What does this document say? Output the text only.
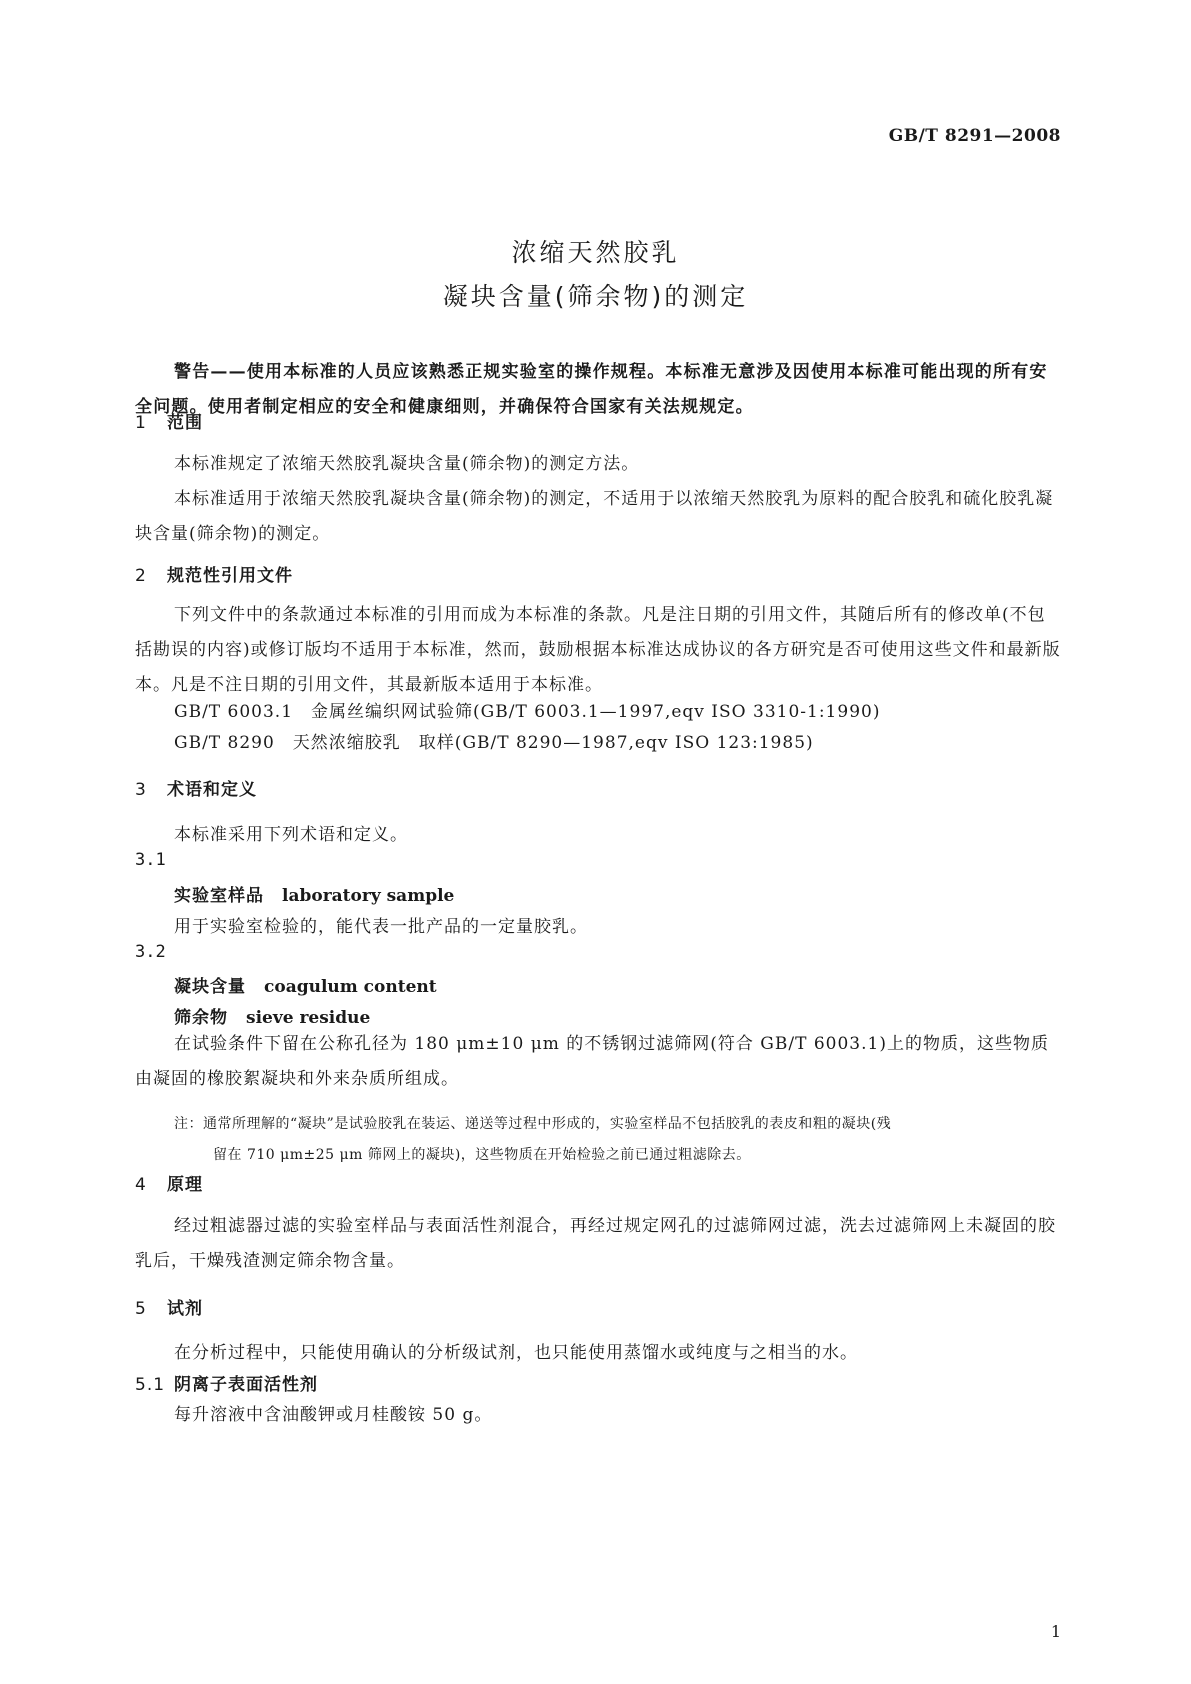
GB/T 8291—2008
浓缩天然胶乳
凝块含量(筛余物)的测定
警告——使用本标准的人员应该熟悉正规实验室的操作规程。本标准无意涉及因使用本标准可能出现的所有安全问题。使用者制定相应的安全和健康细则，并确保符合国家有关法规规定。
1 范围
本标准规定了浓缩天然胶乳凝块含量(筛余物)的测定方法。
本标准适用于浓缩天然胶乳凝块含量(筛余物)的测定，不适用于以浓缩天然胶乳为原料的配合胶乳和硫化胶乳凝块含量(筛余物)的测定。
2 规范性引用文件
下列文件中的条款通过本标准的引用而成为本标准的条款。凡是注日期的引用文件，其随后所有的修改单(不包括勘误的内容)或修订版均不适用于本标准，然而，鼓励根据本标准达成协议的各方研究是否可使用这些文件和最新版本。凡是不注日期的引用文件，其最新版本适用于本标准。
GB/T 6003.1　金属丝编织网试验筛(GB/T 6003.1—1997,eqv ISO 3310-1:1990)
GB/T 8290　天然浓缩胶乳　取样(GB/T 8290—1987,eqv ISO 123:1985)
3 术语和定义
本标准采用下列术语和定义。
3.1
实验室样品 laboratory sample
用于实验室检验的，能代表一批产品的一定量胶乳。
3.2
凝块含量 coagulum content
筛余物 sieve residue
在试验条件下留在公称孔径为 180 μm±10 μm 的不锈钢过滤筛网(符合 GB/T 6003.1)上的物质，这些物质由凝固的橡胶絮凝块和外来杂质所组成。
注：通常所理解的“凝块”是试验胶乳在装运、递送等过程中形成的，实验室样品不包括胶乳的表皮和粗的凝块(残
留在 710 μm±25 μm 筛网上的凝块)，这些物质在开始检验之前已通过粗滤除去。
4 原理
经过粗滤器过滤的实验室样品与表面活性剂混合，再经过规定网孔的过滤筛网过滤，洗去过滤筛网上未凝固的胶乳后，干燥残渣测定筛余物含量。
5 试剂
在分析过程中，只能使用确认的分析级试剂，也只能使用蒸馏水或纯度与之相当的水。
5.1 阴离子表面活性剂
每升溶液中含油酸钾或月桂酸铵 50 g。
1
